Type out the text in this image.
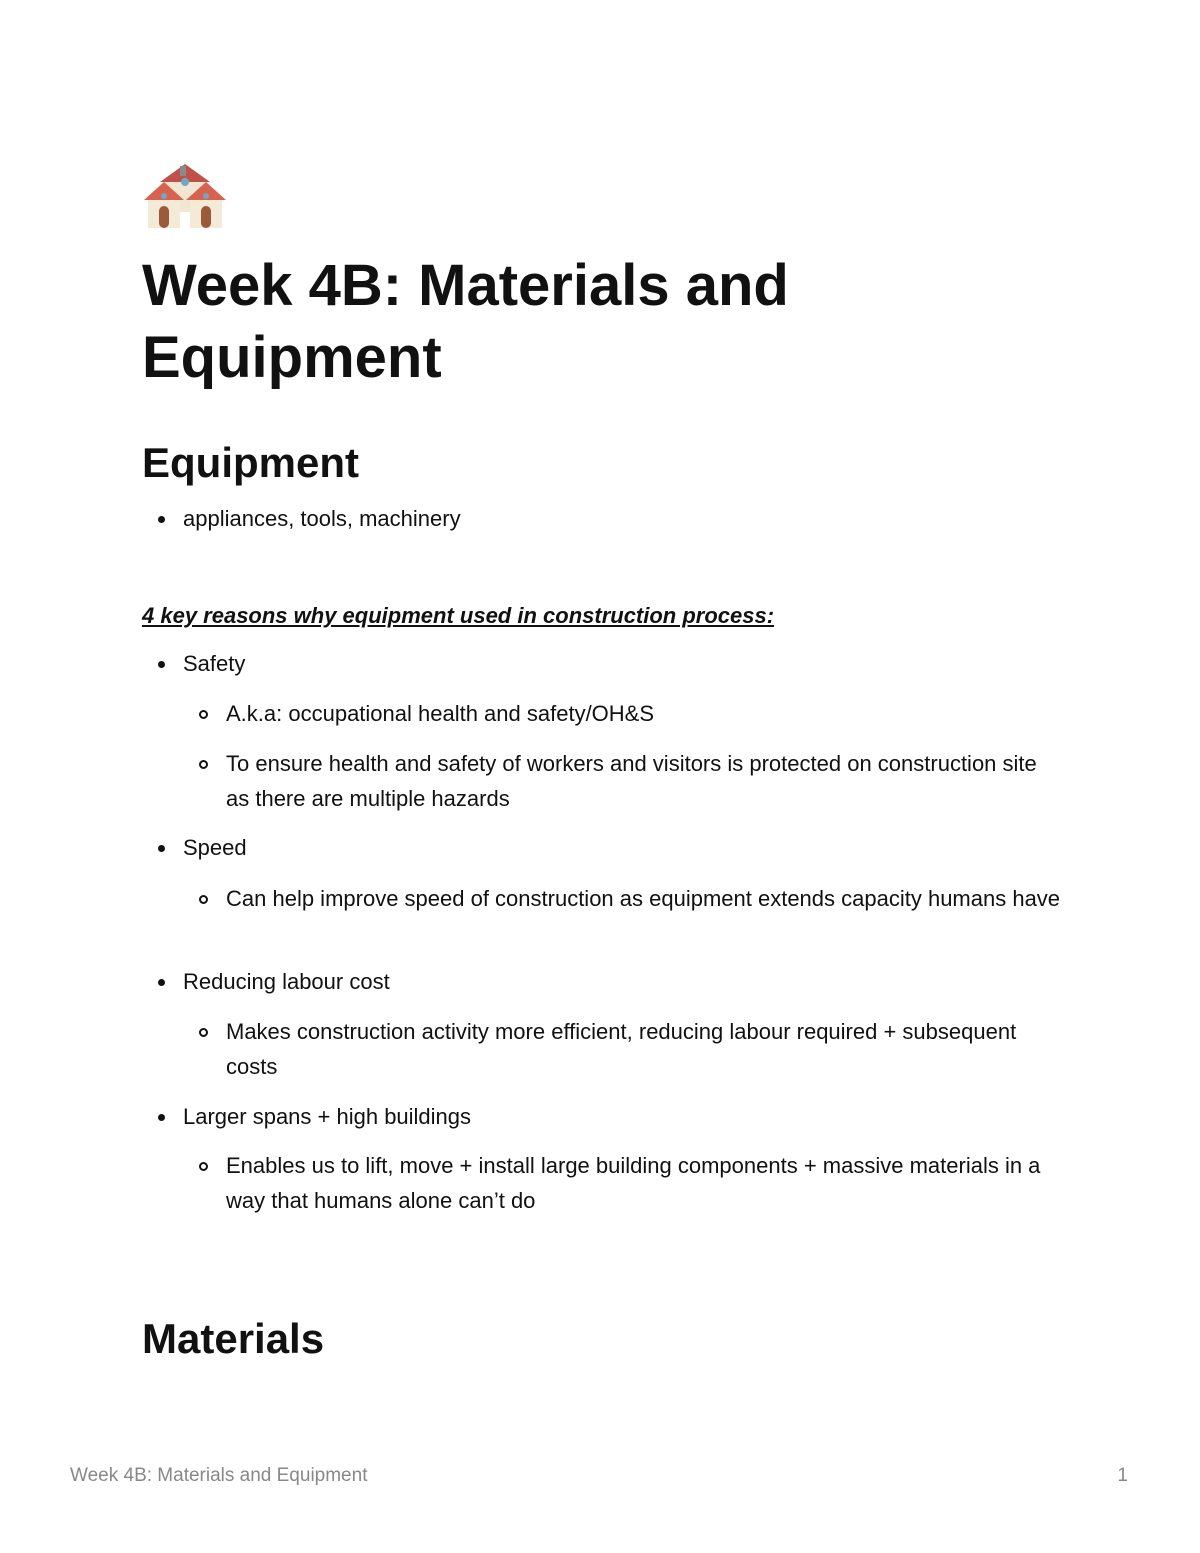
Week 4B: Materials and Equipment
Equipment
appliances, tools, machinery
4 key reasons why equipment used in construction process:
Safety
A.k.a: occupational health and safety/OH&S
To ensure health and safety of workers and visitors is protected on construction site as there are multiple hazards
Speed
Can help improve speed of construction as equipment extends capacity humans have
Reducing labour cost
Makes construction activity more efficient, reducing labour required + subsequent costs
Larger spans + high buildings
Enables us to lift, move + install large building components + massive materials in a way that humans alone can’t do
Materials
Week 4B: Materials and Equipment	1
